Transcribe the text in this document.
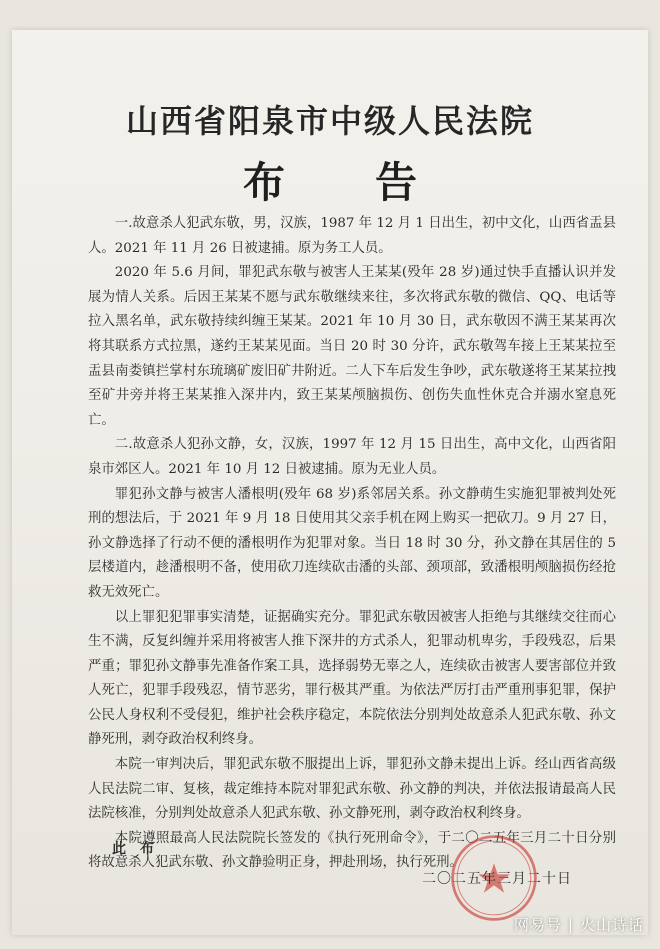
山西省阳泉市中级人民法院
布告

一.故意杀人犯武东敬，男，汉族，1987 年 12 月 1 日出生，初中文化，山西省盂县人。2021 年 11 月 26 日被逮捕。原为务工人员。

2020 年 5.6 月间，罪犯武东敬与被害人王某某(殁年 28 岁)通过快手直播认识并发展为情人关系。后因王某某不愿与武东敬继续来往，多次将武东敬的微信、QQ、电话等拉入黑名单，武东敬持续纠缠王某某。2021 年 10 月 30 日，武东敬因不满王某某再次将其联系方式拉黑，遂约王某某见面。当日 20 时 30 分许，武东敬驾车接上王某某拉至盂县南娄镇拦掌村东琉璃矿废旧矿井附近。二人下车后发生争吵，武东敬遂将王某某拉拽至矿井旁并将王某某推入深井内，致王某某颅脑损伤、创伤失血性休克合并溺水窒息死亡。

二.故意杀人犯孙文静，女，汉族，1997 年 12 月 15 日出生，高中文化，山西省阳泉市郊区人。2021 年 10 月 12 日被逮捕。原为无业人员。

罪犯孙文静与被害人潘根明(殁年 68 岁)系邻居关系。孙文静萌生实施犯罪被判处死刑的想法后，于 2021 年 9 月 18 日使用其父亲手机在网上购买一把砍刀。9 月 27 日，孙文静选择了行动不便的潘根明作为犯罪对象。当日 18 时 30 分，孙文静在其居住的 5 层楼道内，趁潘根明不备，使用砍刀连续砍击潘的头部、颈项部，致潘根明颅脑损伤经抢救无效死亡。

以上罪犯犯罪事实清楚，证据确实充分。罪犯武东敬因被害人拒绝与其继续交往而心生不满，反复纠缠并采用将被害人推下深井的方式杀人，犯罪动机卑劣，手段残忍，后果严重；罪犯孙文静事先准备作案工具，选择弱势无辜之人，连续砍击被害人要害部位并致人死亡，犯罪手段残忍，情节恶劣，罪行极其严重。为依法严厉打击严重刑事犯罪，保护公民人身权利不受侵犯，维护社会秩序稳定，本院依法分别判处故意杀人犯武东敬、孙文静死刑，剥夺政治权利终身。

本院一审判决后，罪犯武东敬不服提出上诉，罪犯孙文静未提出上诉。经山西省高级人民法院二审、复核，裁定维持本院对罪犯武东敬、孙文静的判决，并依法报请最高人民法院核准，分别判处故意杀人犯武东敬、孙文静死刑，剥夺政治权利终身。

本院遵照最高人民法院院长签发的《执行死刑命令》，于二〇二五年三月二十日分别将故意杀人犯武东敬、孙文静验明正身，押赴刑场，执行死刑。

此布
二〇二五年三月二十日
网易号 | 火山诗话
